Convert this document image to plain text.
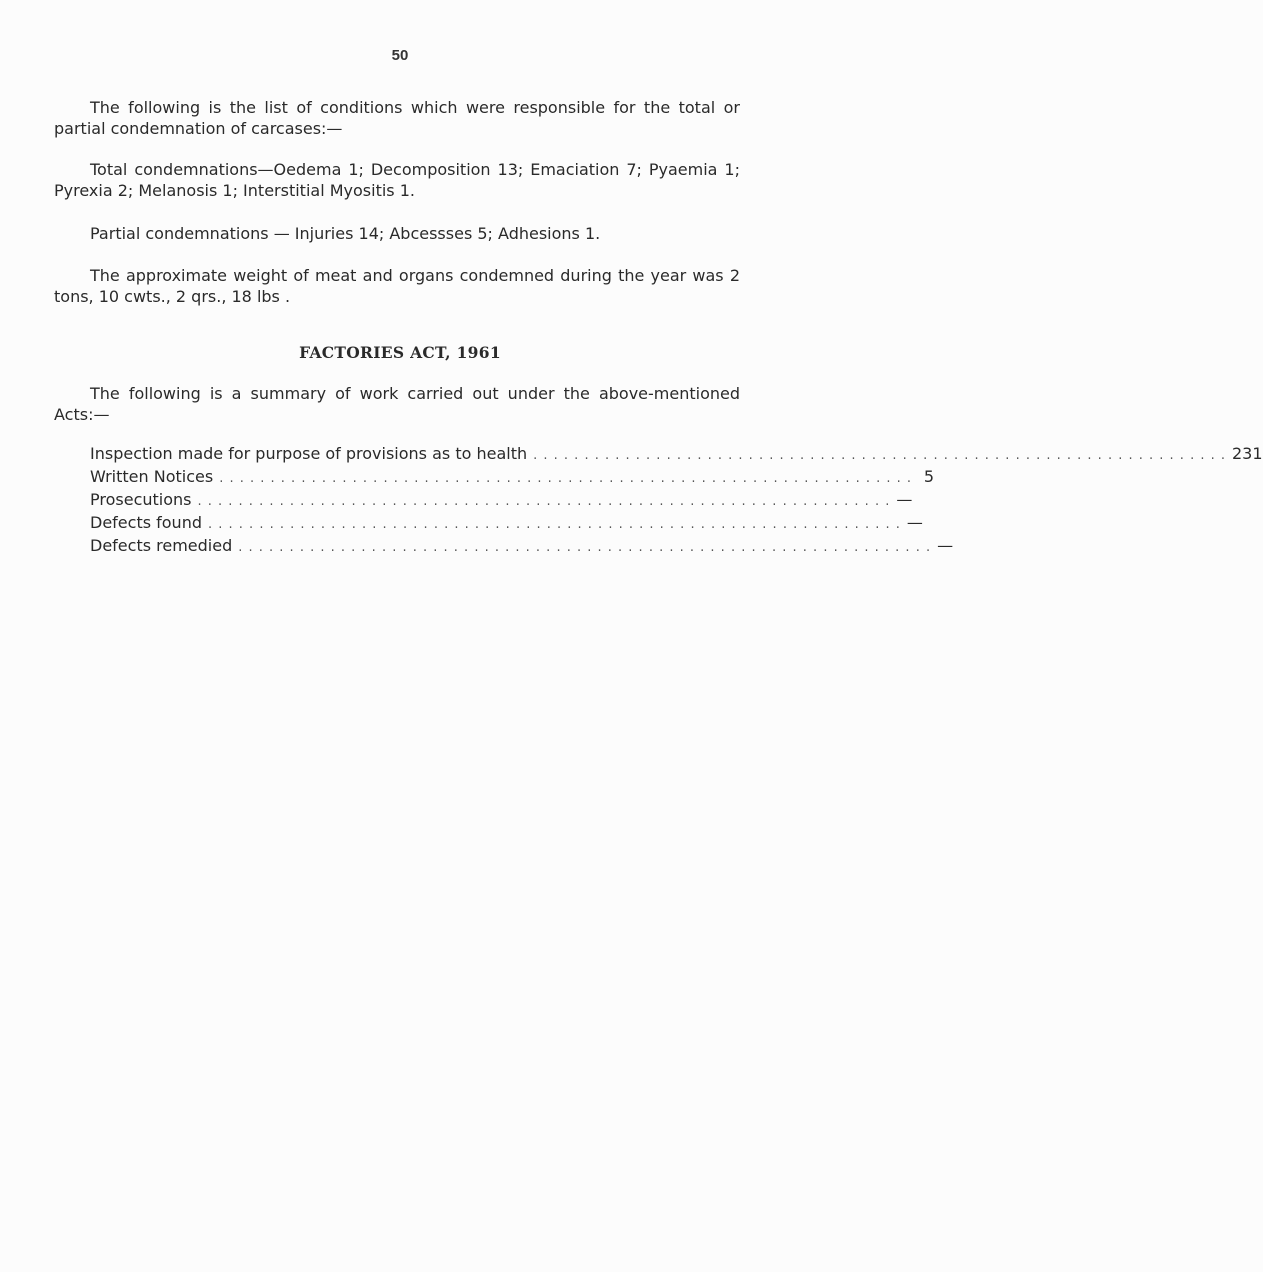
50

The following is the list of conditions which were responsible for the total or partial condemnation of carcases:—

Total condemnations—Oedema 1; Decomposition 13; Emaciation 7; Pyaemia 1; Pyrexia 2; Melanosis 1; Interstitial Myositis 1.

Partial condemnations — Injuries 14; Abcessses 5; Adhesions 1.

The approximate weight of meat and organs condemned during the year was 2 tons, 10 cwts., 2 qrs., 18 lbs .

FACTORIES ACT, 1961

The following is a summary of work carried out under the above-mentioned Acts:—

Inspection made for purpose of provisions as to health . . . . . . . . . . . . . . . . . . . . . . . . . . . . . . . . . . . . . . . . . . . . . . . . . . . . . . . . . . . . . . . . . . . . 231
Written Notices . . . . . . . . . . . . . . . . . . . . . . . . . . . . . . . . . . . . . . . . . . . . . . . . . . . . . . . . . . . . . . . . . . . . 5
Prosecutions . . . . . . . . . . . . . . . . . . . . . . . . . . . . . . . . . . . . . . . . . . . . . . . . . . . . . . . . . . . . . . . . . . . . —
Defects found . . . . . . . . . . . . . . . . . . . . . . . . . . . . . . . . . . . . . . . . . . . . . . . . . . . . . . . . . . . . . . . . . . . . —
Defects remedied . . . . . . . . . . . . . . . . . . . . . . . . . . . . . . . . . . . . . . . . . . . . . . . . . . . . . . . . . . . . . . . . . . . . —
